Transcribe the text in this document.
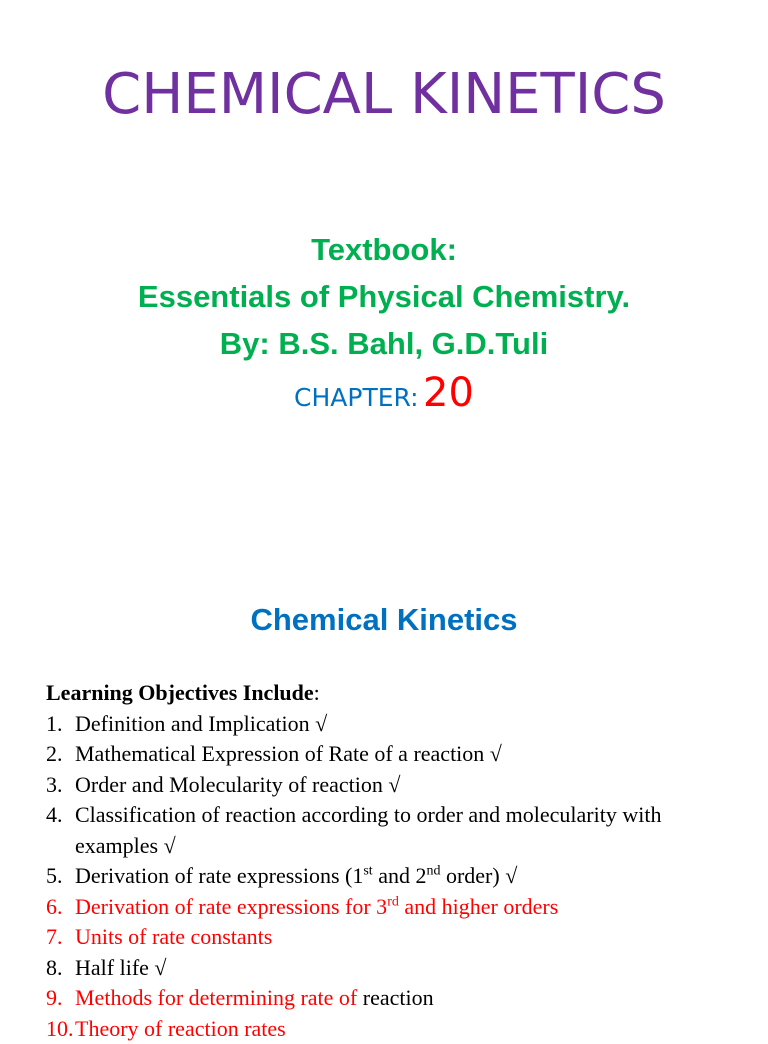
CHEMICAL KINETICS
Textbook:
Essentials of Physical Chemistry.
By: B.S. Bahl, G.D.Tuli
CHAPTER: 20
Chemical Kinetics
Learning Objectives Include:
1. Definition and Implication √
2. Mathematical Expression of Rate of a reaction √
3. Order and Molecularity of reaction √
4. Classification of reaction according to order and molecularity with examples √
5. Derivation of rate expressions (1st and 2nd order) √
6. Derivation of rate expressions for 3rd and higher orders
7. Units of rate constants
8. Half life √
9. Methods for determining rate of reaction
10. Theory of reaction rates
